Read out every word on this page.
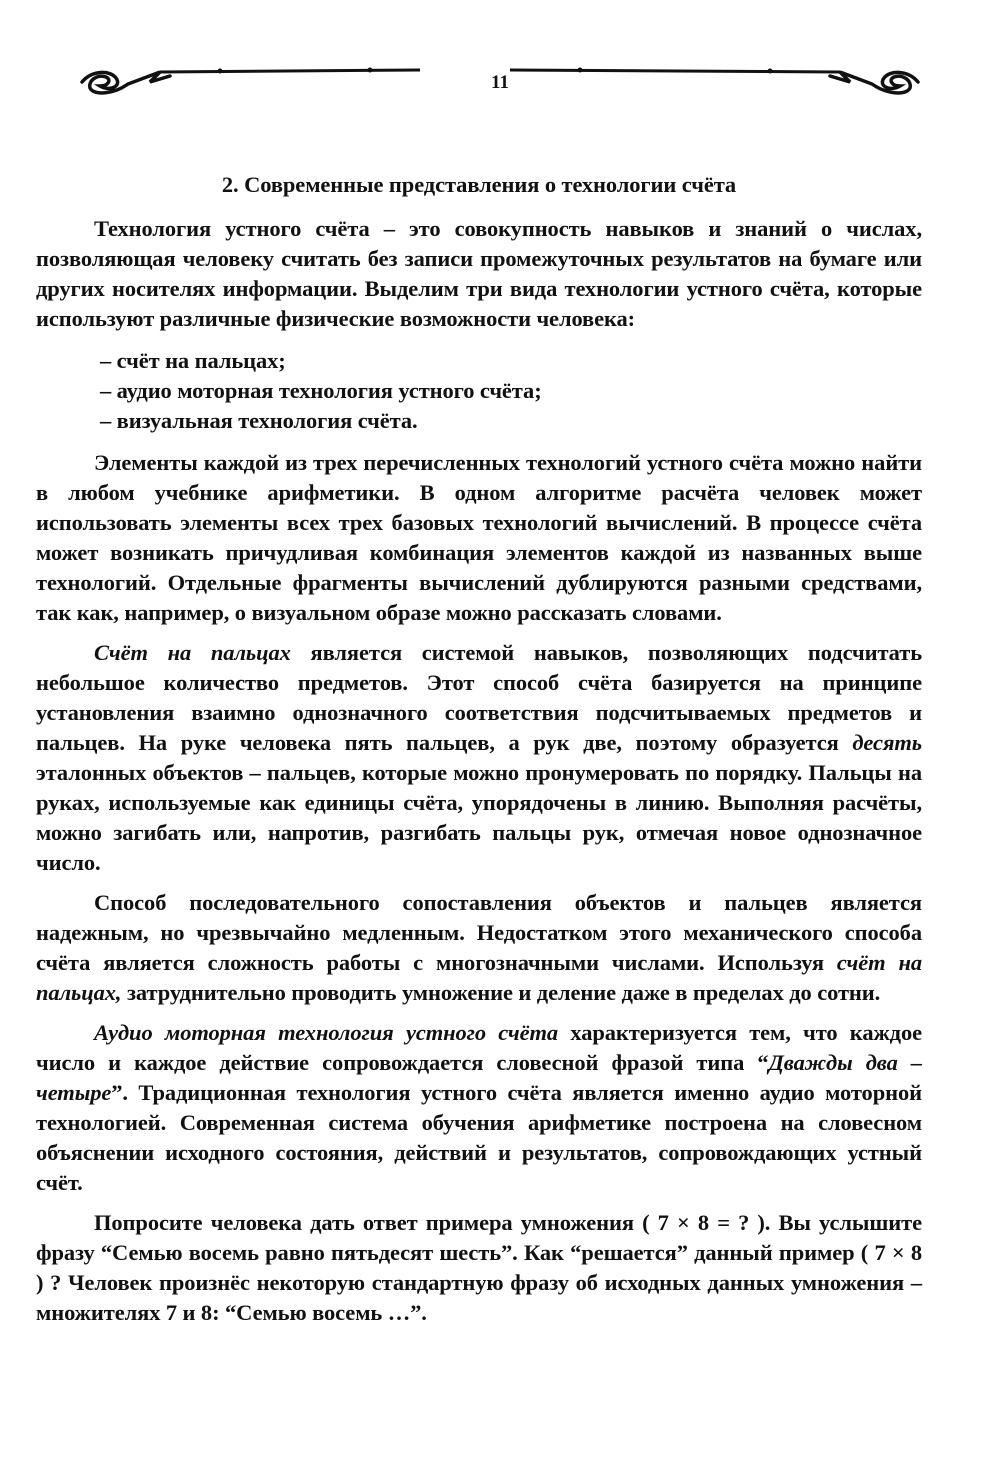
11
2. Современные представления о технологии счёта

Технология устного счёта – это совокупность навыков и знаний о числах, позволяющая человеку считать без записи промежуточных результатов на бумаге или других носителях информации. Выделим три вида технологии устного счёта, которые используют различные физические возможности человека:

– счёт на пальцах;
– аудио моторная технология устного счёта;
– визуальная технология счёта.

Элементы каждой из трех перечисленных технологий устного счёта можно найти в любом учебнике арифметики. В одном алгоритме расчёта человек может использовать элементы всех трех базовых технологий вычислений. В процессе счёта может возникать причудливая комбинация элементов каждой из названных выше технологий. Отдельные фрагменты вычислений дублируются разными средствами, так как, например, о визуальном образе можно рассказать словами.

Счёт на пальцах является системой навыков, позволяющих подсчитать небольшое количество предметов. Этот способ счёта базируется на принципе установления взаимно однозначного соответствия подсчитываемых предметов и пальцев. На руке человека пять пальцев, а рук две, поэтому образуется десять эталонных объектов – пальцев, которые можно пронумеровать по порядку. Пальцы на руках, используемые как единицы счёта, упорядочены в линию. Выполняя расчёты, можно загибать или, напротив, разгибать пальцы рук, отмечая новое однозначное число.

Способ последовательного сопоставления объектов и пальцев является надежным, но чрезвычайно медленным. Недостатком этого механического способа счёта является сложность работы с многозначными числами. Используя счёт на пальцах, затруднительно проводить умножение и деление даже в пределах до сотни.

Аудио моторная технология устного счёта характеризуется тем, что каждое число и каждое действие сопровождается словесной фразой типа “Дважды два – четыре”. Традиционная технология устного счёта является именно аудио моторной технологией. Современная система обучения арифметике построена на словесном объяснении исходного состояния, действий и результатов, сопровождающих устный счёт.

Попросите человека дать ответ примера умножения ( 7 × 8 = ? ). Вы услышите фразу “Семью восемь равно пятьдесят шесть”. Как “решается” данный пример ( 7 × 8 ) ? Человек произнёс некоторую стандартную фразу об исходных данных умножения – множителях 7 и 8: “Семью восемь …”.
